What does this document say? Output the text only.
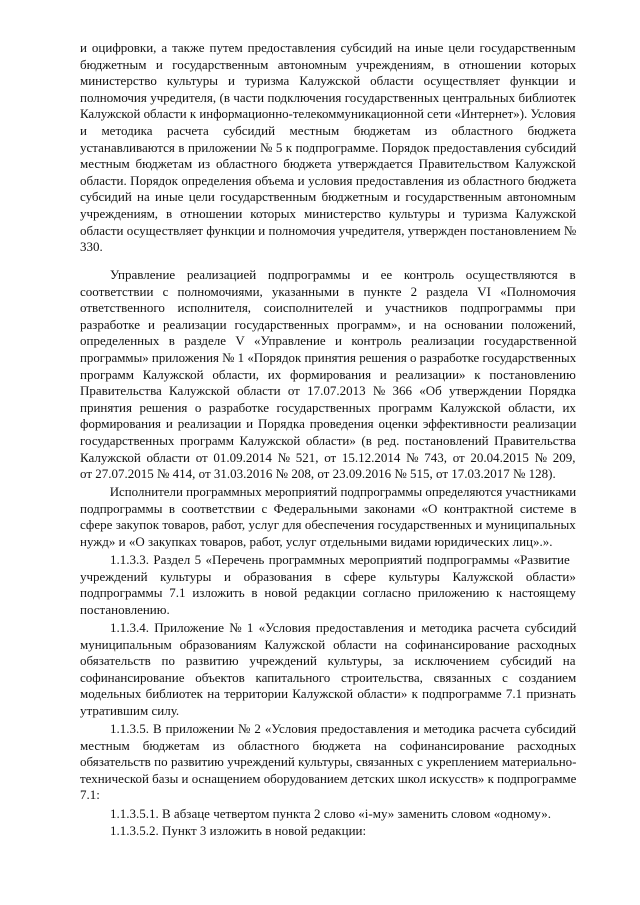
и оцифровки, а также путем предоставления субсидий на иные цели государственным
бюджетным и государственным автономным учреждениям, в отношении которых
министерство культуры и туризма Калужской области осуществляет функции и
полномочия учредителя, (в части подключения государственных центральных библиотек
Калужской области к информационно-телекоммуникационной сети «Интернет»). Условия
и методика расчета субсидий местным бюджетам из областного бюджета
устанавливаются в приложении № 5 к подпрограмме. Порядок предоставления субсидий
местным бюджетам из областного бюджета утверждается Правительством Калужской
области. Порядок определения объема и условия предоставления из областного бюджета
субсидий на иные цели государственным бюджетным и государственным автономным
учреждениям, в отношении которых министерство культуры и туризма Калужской
области осуществляет функции и полномочия учредителя, утвержден постановлением №
330.
Управление реализацией подпрограммы и ее контроль осуществляются в
соответствии с полномочиями, указанными в пункте 2 раздела VI «Полномочия
ответственного исполнителя, соисполнителей и участников подпрограммы при
разработке и реализации государственных программ», и на основании положений,
определенных в разделе V «Управление и контроль реализации государственной
программы» приложения № 1 «Порядок принятия решения о разработке государственных
программ Калужской области, их формирования и реализации» к постановлению
Правительства Калужской области от 17.07.2013 № 366 «Об утверждении Порядка
принятия решения о разработке государственных программ Калужской области, их
формирования и реализации и Порядка проведения оценки эффективности реализации
государственных программ Калужской области» (в ред. постановлений Правительства
Калужской области от 01.09.2014 № 521, от 15.12.2014 № 743, от 20.04.2015 № 209,
от 27.07.2015 № 414, от 31.03.2016 № 208, от 23.09.2016 № 515, от 17.03.2017 № 128).
Исполнители программных мероприятий подпрограммы определяются участниками
подпрограммы в соответствии с Федеральными законами «О контрактной системе в
сфере закупок товаров, работ, услуг для обеспечения государственных и муниципальных
нужд» и «О закупках товаров, работ, услуг отдельными видами юридических лиц».».
1.1.3.3. Раздел 5 «Перечень программных мероприятий подпрограммы «Развитие
учреждений культуры и образования в сфере культуры Калужской области»
подпрограммы 7.1 изложить в новой редакции согласно приложению к настоящему
постановлению.
1.1.3.4. Приложение № 1 «Условия предоставления и методика расчета субсидий
муниципальным образованиям Калужской области на софинансирование расходных
обязательств по развитию учреждений культуры, за исключением субсидий на
софинансирование объектов капитального строительства, связанных с созданием
модельных библиотек на территории Калужской области» к подпрограмме 7.1 признать
утратившим силу.
1.1.3.5. В приложении № 2 «Условия предоставления и методика расчета субсидий
местным бюджетам из областного бюджета на софинансирование расходных
обязательств по развитию учреждений культуры, связанных с укреплением материально-
технической базы и оснащением оборудованием детских школ искусств» к подпрограмме
7.1:
1.1.3.5.1. В абзаце четвертом пункта 2 слово «і-му» заменить словом «одному».
1.1.3.5.2. Пункт 3 изложить в новой редакции:
